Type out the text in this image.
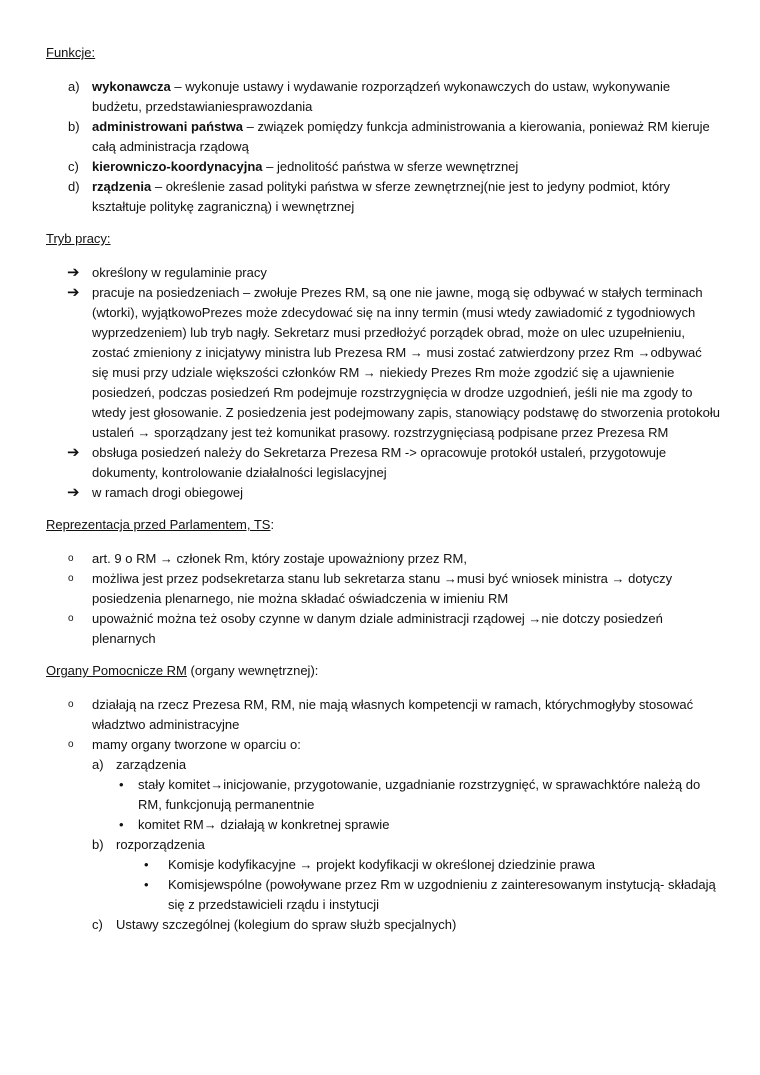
Funkcje:
a) wykonawcza – wykonuje ustawy i wydawanie rozporządzeń wykonawczych do ustaw, wykonywanie budżetu, przedstawianiesprawozdania
b) administrowani państwa – związek pomiędzy funkcja administrowania a kierowania, ponieważ RM kieruje całą administracja rządową
c)	kierowniczo-koordynacyjna – jednolitość państwa w sferze wewnętrznej
d) rządzenia – określenie zasad polityki państwa w sferze zewnętrznej(nie jest to jedyny podmiot, który kształtuje politykę zagraniczną) i wewnętrznej
Tryb pracy:
➔ określony w regulaminie pracy
➔ pracuje na posiedzeniach – zwołuje Prezes RM, są one nie jawne, mogą się odbywać w stałych terminach (wtorki), wyjątkowoPrezes może zdecydować się na inny termin (musi wtedy zawiadomić z tygodniowych wyprzedzeniem) lub tryb nagły. Sekretarz musi przedłożyć porządek obrad, może on ulec uzupełnieniu, zostać zmieniony z inicjatywy ministra lub Prezesa RM → musi zostać zatwierdzony przez Rm →odbywać się musi przy udziale większości członków RM → niekiedy Prezes Rm może zgodzić się a ujawnienie posiedzeń, podczas posiedzeń Rm podejmuje rozstrzygnięcia w drodze uzgodnień, jeśli nie ma zgody to wtedy jest głosowanie. Z posiedzenia jest podejmowany zapis, stanowiący podstawę do stworzenia protokołu ustaleń → sporządzany jest też komunikat prasowy. rozstrzygnięciasą podpisane przez Prezesa RM
➔ obsługa posiedzeń należy do Sekretarza Prezesa RM -> opracowuje protokół ustaleń, przygotowuje dokumenty, kontrolowanie działalności legislacyjnej
➔ w ramach drogi obiegowej
Reprezentacja przed Parlamentem, TS:
o	art. 9 o RM → członek Rm, który zostaje upoważniony przez RM,
o	możliwa jest przez podsekretarza stanu lub sekretarza stanu →musi być wniosek ministra → dotyczy posiedzenia plenarnego, nie można składać oświadczenia w imieniu RM
o	upoważnić można też osoby czynne w danym dziale administracji rządowej →nie dotczy posiedzeń plenarnych
Organy Pomocnicze RM (organy wewnętrznej):
o	działają na rzecz Prezesa RM, RM, nie mają własnych kompetencji w ramach, którychmogłyby stosować władztwo administracyjne
o	mamy organy tworzone w oparciu o:
a) zarządzenia
• stały komitet→inicjowanie, przygotowanie, uzgadnianie rozstrzygnięć, w sprawachktóre należą do RM, funkcjonują permanentnie
• komitet RM→ działają w konkretnej sprawie
b) rozporządzenia
• Komisje kodyfikacyjne → projekt kodyfikacji w określonej dziedzinie prawa
• Komisjewspólne (powoływane przez Rm w uzgodnieniu z zainteresowanym instytucją- składają się z przedstawicieli rządu i instytucji
c) Ustawy szczególnej (kolegium do spraw służb specjalnych)
